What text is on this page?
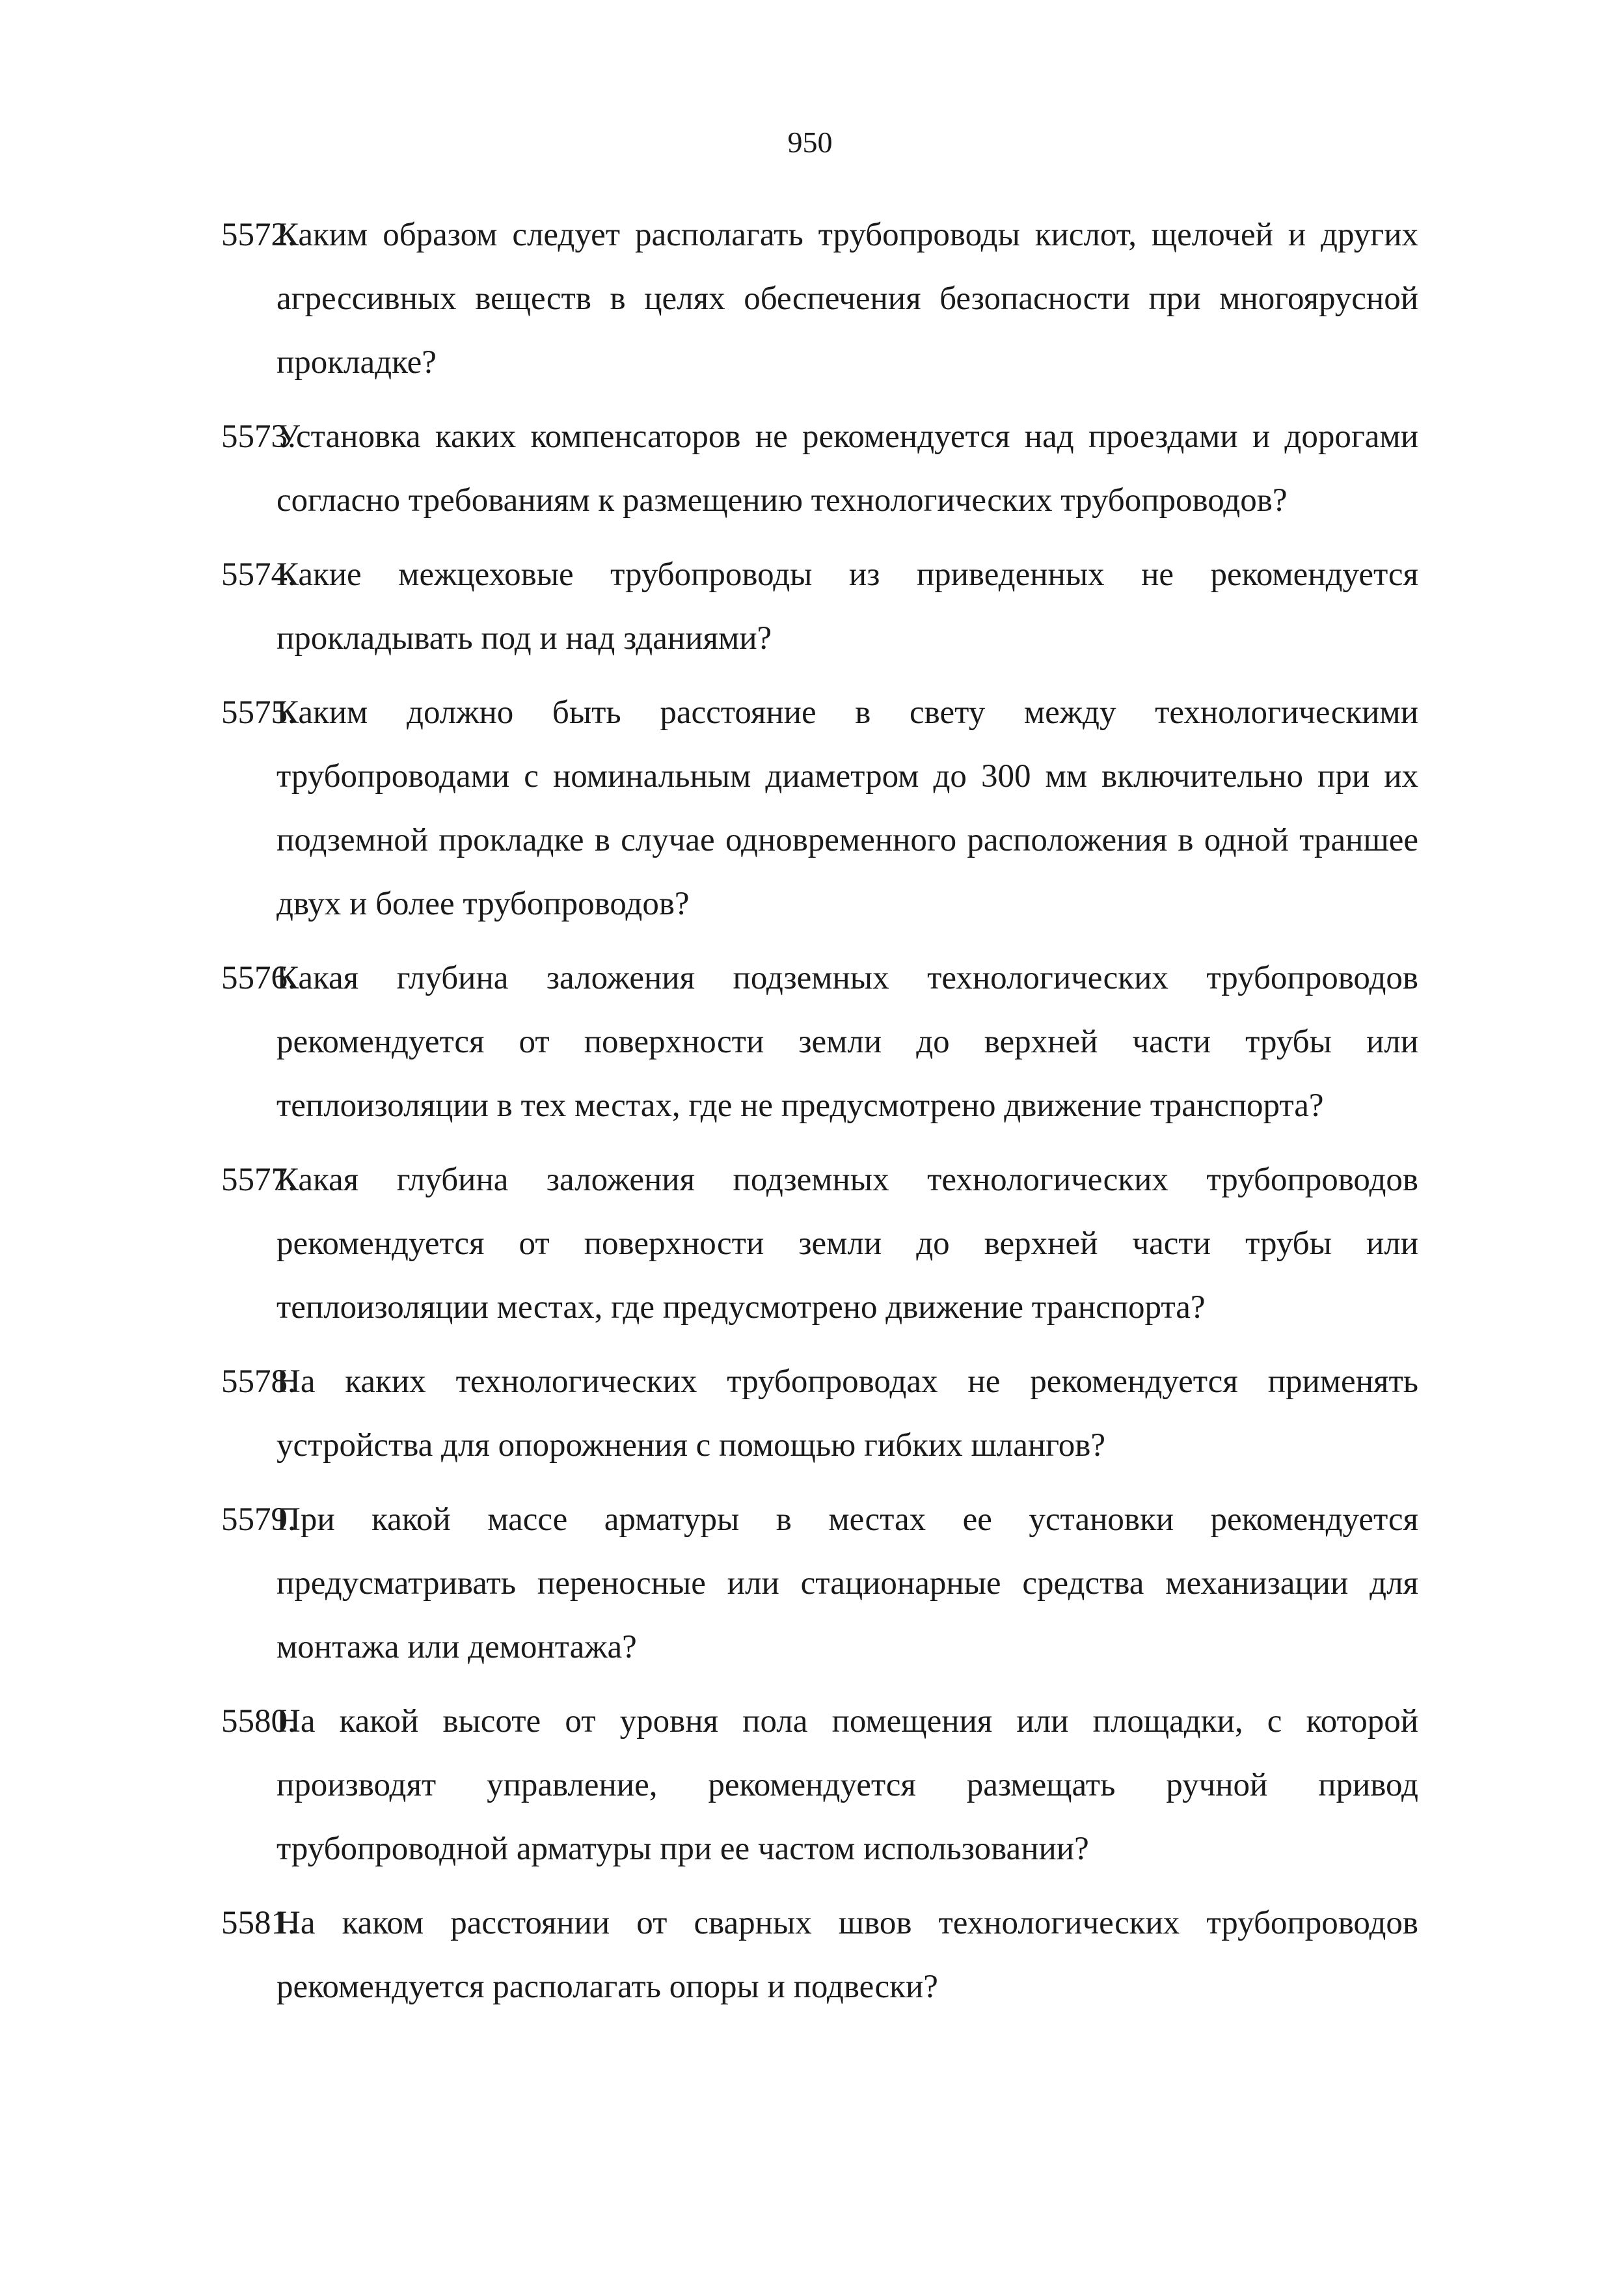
950
5572.
Каким образом следует располагать трубопроводы кислот, щелочей и других агрессивных веществ в целях обеспечения безопасности при многоярусной прокладке?
5573.
Установка каких компенсаторов не рекомендуется над проездами и дорогами согласно требованиям к размещению технологических трубопроводов?
5574.
Какие межцеховые трубопроводы из приведенных не рекомендуется прокладывать под и над зданиями?
5575.
Каким должно быть расстояние в свету между технологическими трубопроводами с номинальным диаметром до 300 мм включительно при их подземной прокладке в случае одновременного расположения в одной траншее двух и более трубопроводов?
5576.
Какая глубина заложения подземных технологических трубопроводов рекомендуется от поверхности земли до верхней части трубы или теплоизоляции в тех местах, где не предусмотрено движение транспорта?
5577.
Какая глубина заложения подземных технологических трубопроводов рекомендуется от поверхности земли до верхней части трубы или теплоизоляции местах, где предусмотрено движение транспорта?
5578.
На каких технологических трубопроводах не рекомендуется применять устройства для опорожнения с помощью гибких шлангов?
5579.
При какой массе арматуры в местах ее установки рекомендуется предусматривать переносные или стационарные средства механизации для монтажа или демонтажа?
5580.
На какой высоте от уровня пола помещения или площадки, с которой производят управление, рекомендуется размещать ручной привод трубопроводной арматуры при ее частом использовании?
5581.
На каком расстоянии от сварных швов технологических трубопроводов рекомендуется располагать опоры и подвески?
